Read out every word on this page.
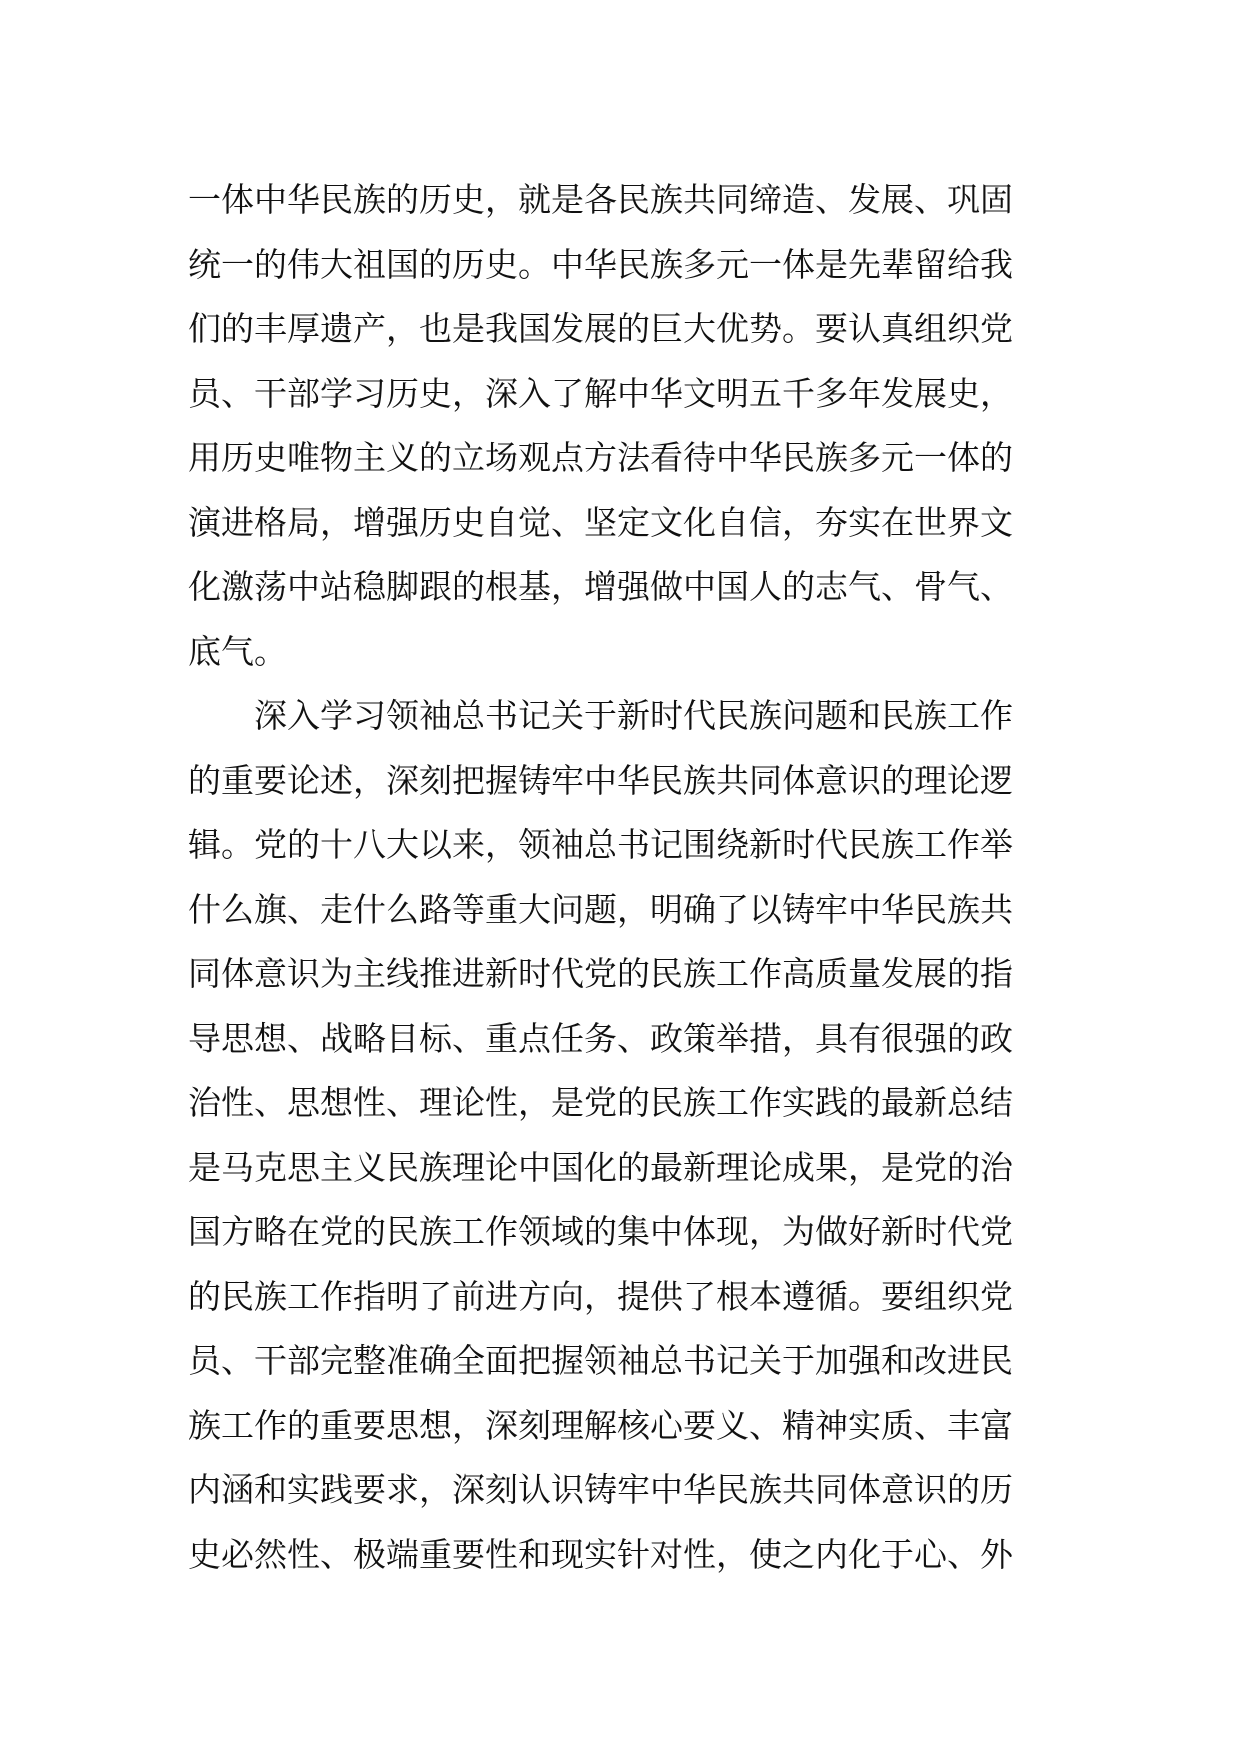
一体中华民族的历史，就是各民族共同缔造、发展、巩固
统一的伟大祖国的历史。中华民族多元一体是先辈留给我
们的丰厚遗产，也是我国发展的巨大优势。要认真组织党
员、干部学习历史，深入了解中华文明五千多年发展史，
用历史唯物主义的立场观点方法看待中华民族多元一体的
演进格局，增强历史自觉、坚定文化自信，夯实在世界文
化激荡中站稳脚跟的根基，增强做中国人的志气、骨气、
底气。
深入学习领袖总书记关于新时代民族问题和民族工作
的重要论述，深刻把握铸牢中华民族共同体意识的理论逻
辑。党的十八大以来，领袖总书记围绕新时代民族工作举
什么旗、走什么路等重大问题，明确了以铸牢中华民族共
同体意识为主线推进新时代党的民族工作高质量发展的指
导思想、战略目标、重点任务、政策举措，具有很强的政
治性、思想性、理论性，是党的民族工作实践的最新总结
是马克思主义民族理论中国化的最新理论成果，是党的治
国方略在党的民族工作领域的集中体现，为做好新时代党
的民族工作指明了前进方向，提供了根本遵循。要组织党
员、干部完整准确全面把握领袖总书记关于加强和改进民
族工作的重要思想，深刻理解核心要义、精神实质、丰富
内涵和实践要求，深刻认识铸牢中华民族共同体意识的历
史必然性、极端重要性和现实针对性，使之内化于心、外
